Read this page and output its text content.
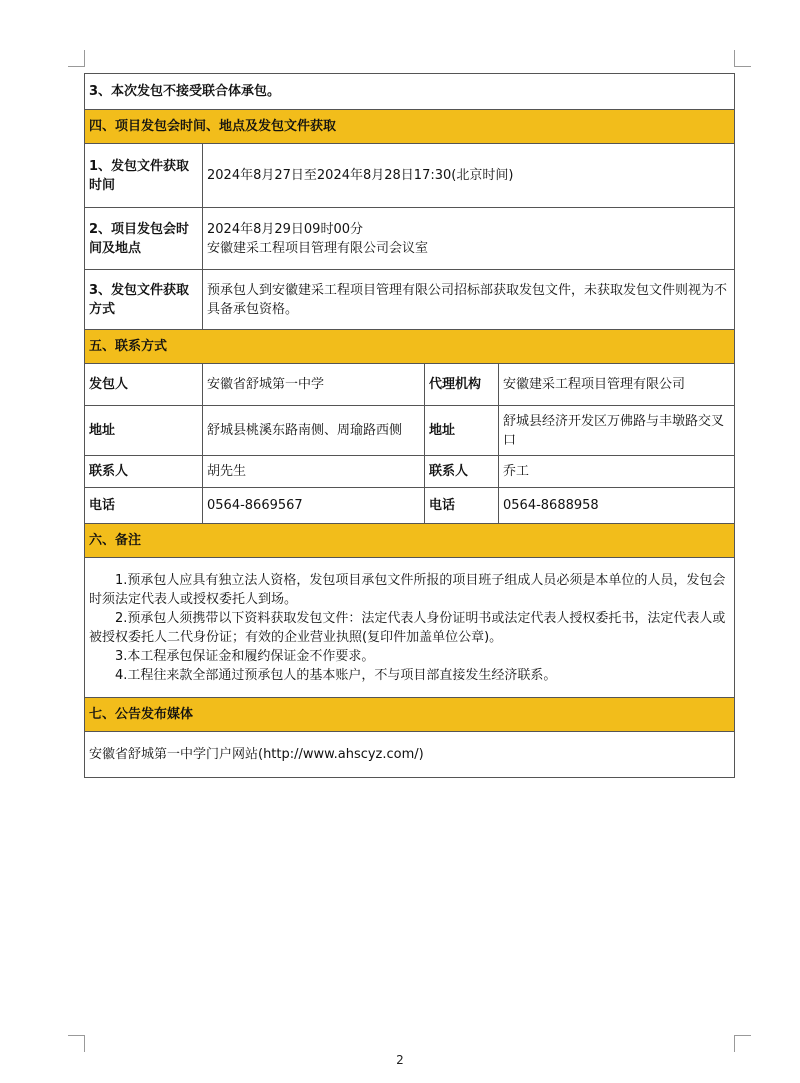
3、本次发包不接受联合体承包。			
四、项目发包会时间、地点及发包文件获取			
1、发包文件获取时间	2024年8月27日至2024年8月28日17:30(北京时间)		
2、项目发包会时间及地点	2024年8月29日09时00分
安徽建采工程项目管理有限公司会议室		

3、发包文件获取方式	预承包人到安徽建采工程项目管理有限公司招标部获取发包文件，未获取发包文件则视为不具备承包资格。		
五、联系方式			
发包人	安徽省舒城第一中学	代理机构	安徽建采工程项目管理有限公司
地址	舒城县桃溪东路南侧、周瑜路西侧	地址	舒城县经济开发区万佛路与丰墩路交叉口
联系人	胡先生	联系人	乔工
电话	0564-8669567	电话	0564-8688958
六、备注			

1.预承包人应具有独立法人资格，发包项目承包文件所报的项目班子组成人员必须是本单位的人员，发包会时须法定代表人或授权委托人到场。

2.预承包人须携带以下资料获取发包文件：法定代表人身份证明书或法定代表人授权委托书，法定代表人或被授权委托人二代身份证；有效的企业营业执照(复印件加盖单位公章)。

3.本工程承包保证金和履约保证金不作要求。

4.工程往来款全部通过预承包人的基本账户，不与项目部直接发生经济联系。			

七、公告发布媒体			
安徽省舒城第一中学门户网站(http://www.ahscyz.com/)			
2
